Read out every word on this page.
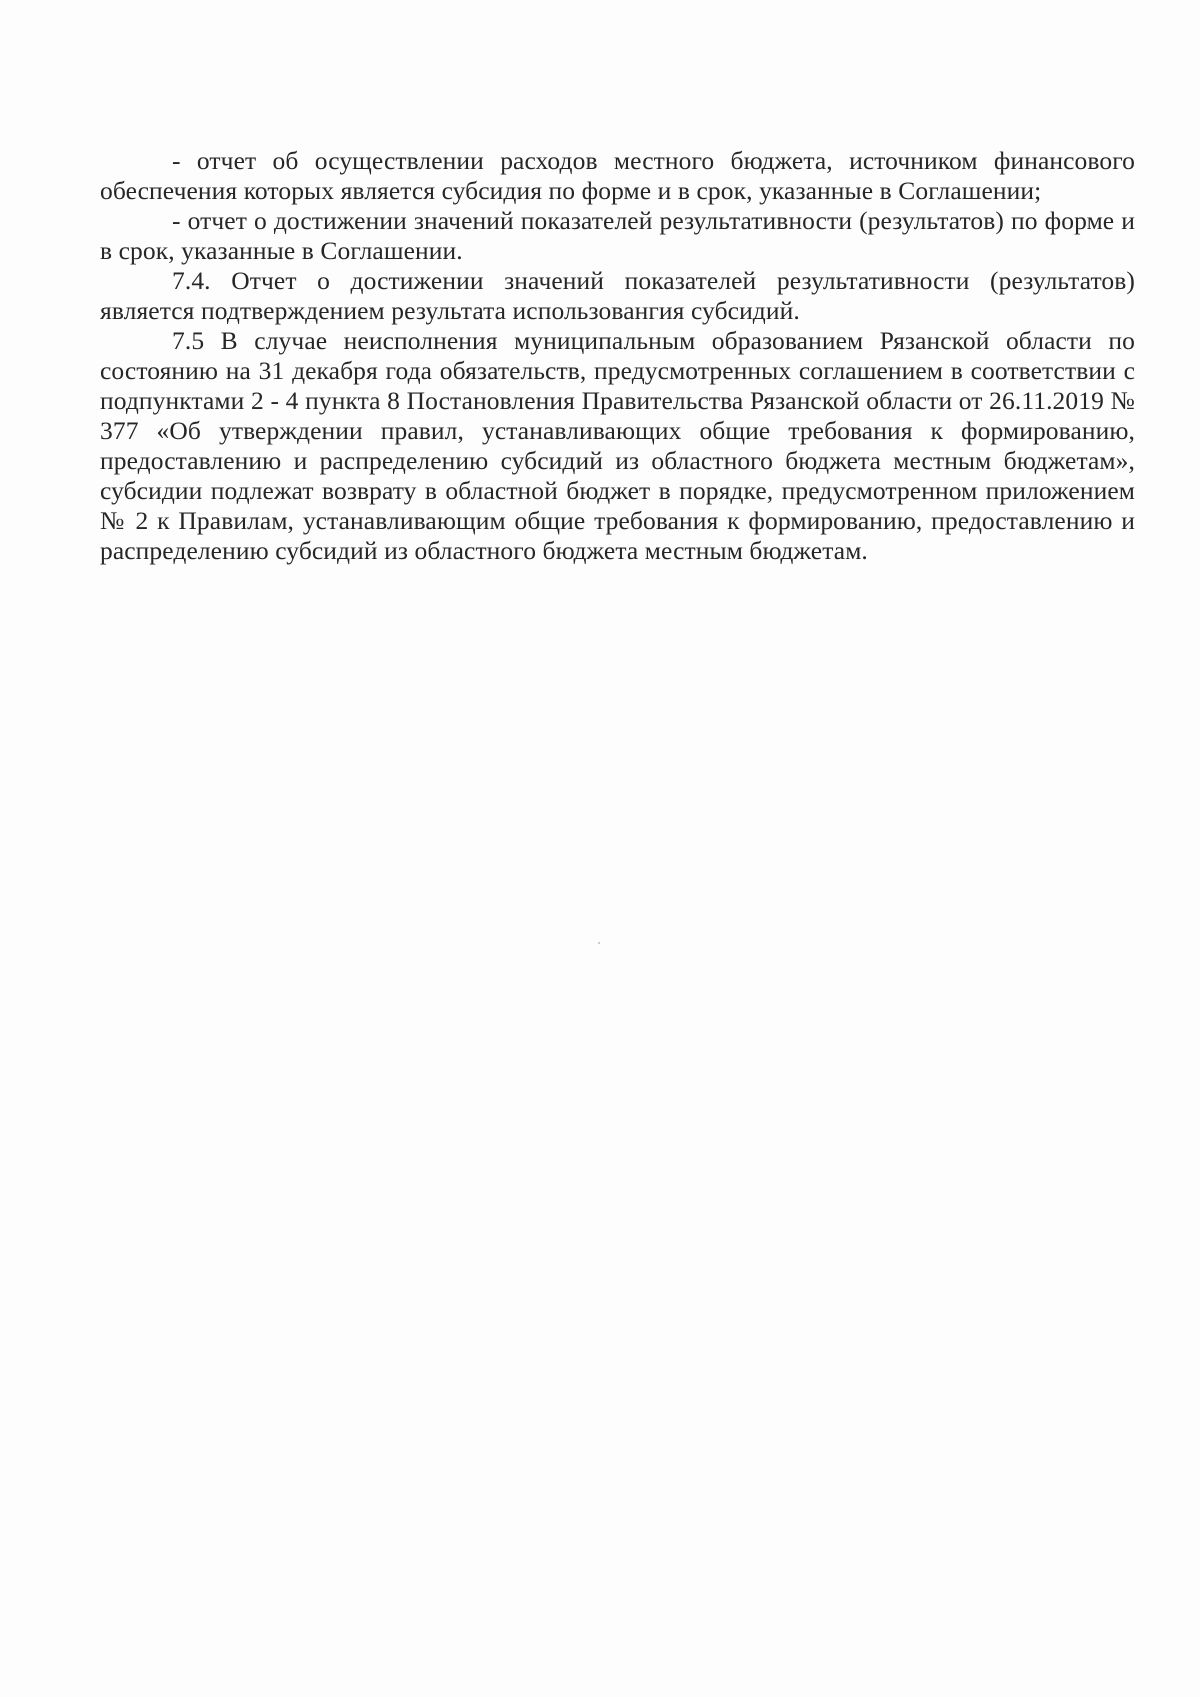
- отчет об осуществлении расходов местного бюджета, источником финансового обеспечения которых является субсидия по форме и в срок, указанные в Соглашении;

- отчет о достижении значений показателей результативности (результатов) по форме и в срок, указанные в Соглашении.

7.4. Отчет о достижении значений показателей результативности (результатов) является подтверждением результата использовангия субсидий.

7.5 В случае неисполнения муниципальным образованием Рязанской области по состоянию на 31 декабря года обязательств, предусмотренных соглашением в соответствии с подпунктами 2 - 4 пункта 8 Постановления Правительства Рязанской области от 26.11.2019 № 377 «Об утверждении правил, устанавливающих общие требования к формированию, предоставлению и распределению субсидий из областного бюджета местным бюджетам», субсидии подлежат возврату в областной бюджет в порядке, предусмотренном приложением № 2 к Правилам, устанавливающим общие требования к формированию, предоставлению и распределению субсидий из областного бюджета местным бюджетам.
